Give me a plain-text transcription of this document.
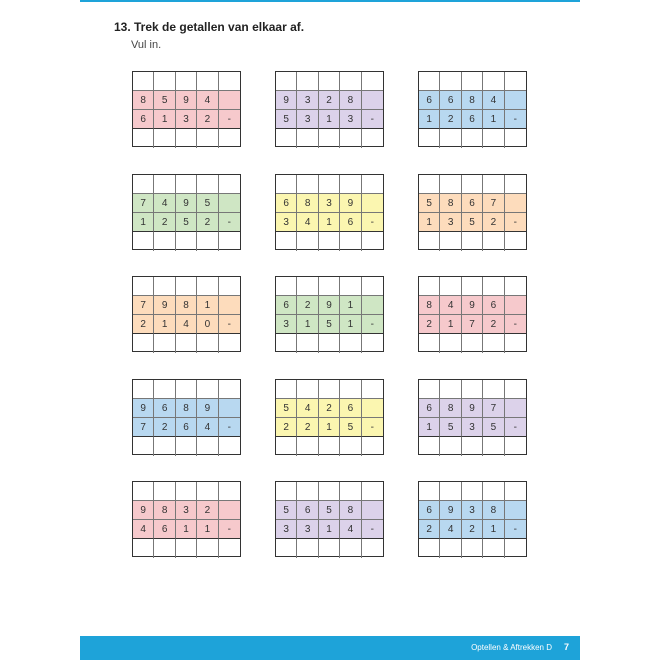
13. Trek de getallen van elkaar af.
Vul in.
8	5	9	4
6	1	3	2	-
9	3	2	8
5	3	1	3	-
6	6	8	4
1	2	6	1	-
7	4	9	5
1	2	5	2	-
6	8	3	9
3	4	1	6	-
5	8	6	7
1	3	5	2	-
7	9	8	1
2	1	4	0	-
6	2	9	1
3	1	5	1	-
8	4	9	6
2	1	7	2	-
9	6	8	9
7	2	6	4	-
5	4	2	6
2	2	1	5	-
6	8	9	7
1	5	3	5	-
9	8	3	2
4	6	1	1	-
5	6	5	8
3	3	1	4	-
6	9	3	8
2	4	2	1	-
Optellen & Aftrekken D 7
